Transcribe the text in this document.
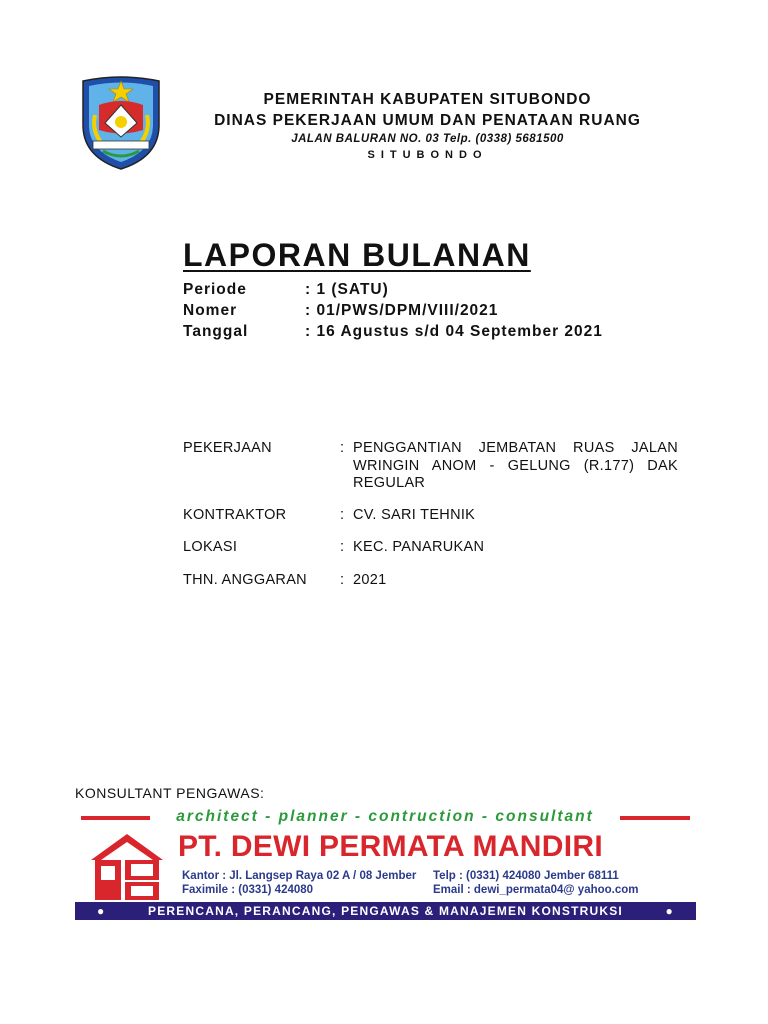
PEMERINTAH KABUPATEN SITUBONDO
DINAS PEKERJAAN UMUM DAN PENATAAN RUANG
JALAN BALURAN NO. 03 Telp. (0338) 5681500
SITUBONDO
LAPORAN BULANAN
Periode	: 1 (SATU)
Nomer	: 01/PWS/DPM/VIII/2021
Tanggal	: 16 Agustus s/d 04 September 2021
PEKERJAAN	: PENGGANTIAN JEMBATAN RUAS JALAN WRINGIN ANOM - GELUNG (R.177) DAK REGULAR
KONTRAKTOR	: CV. SARI TEHNIK
LOKASI	: KEC. PANARUKAN
THN. ANGGARAN : 2021
KONSULTANT PENGAWAS:
architect - planner - contruction - consultant
PT. DEWI PERMATA MANDIRI
Kantor : Jl. Langsep Raya 02 A / 08 Jember
Faximile : (0331) 424080
Telp : (0331) 424080 Jember 68111
Email : dewi_permata04@ yahoo.com
●	PERENCANA, PERANCANG, PENGAWAS & MANAJEMEN KONSTRUKSI	●
